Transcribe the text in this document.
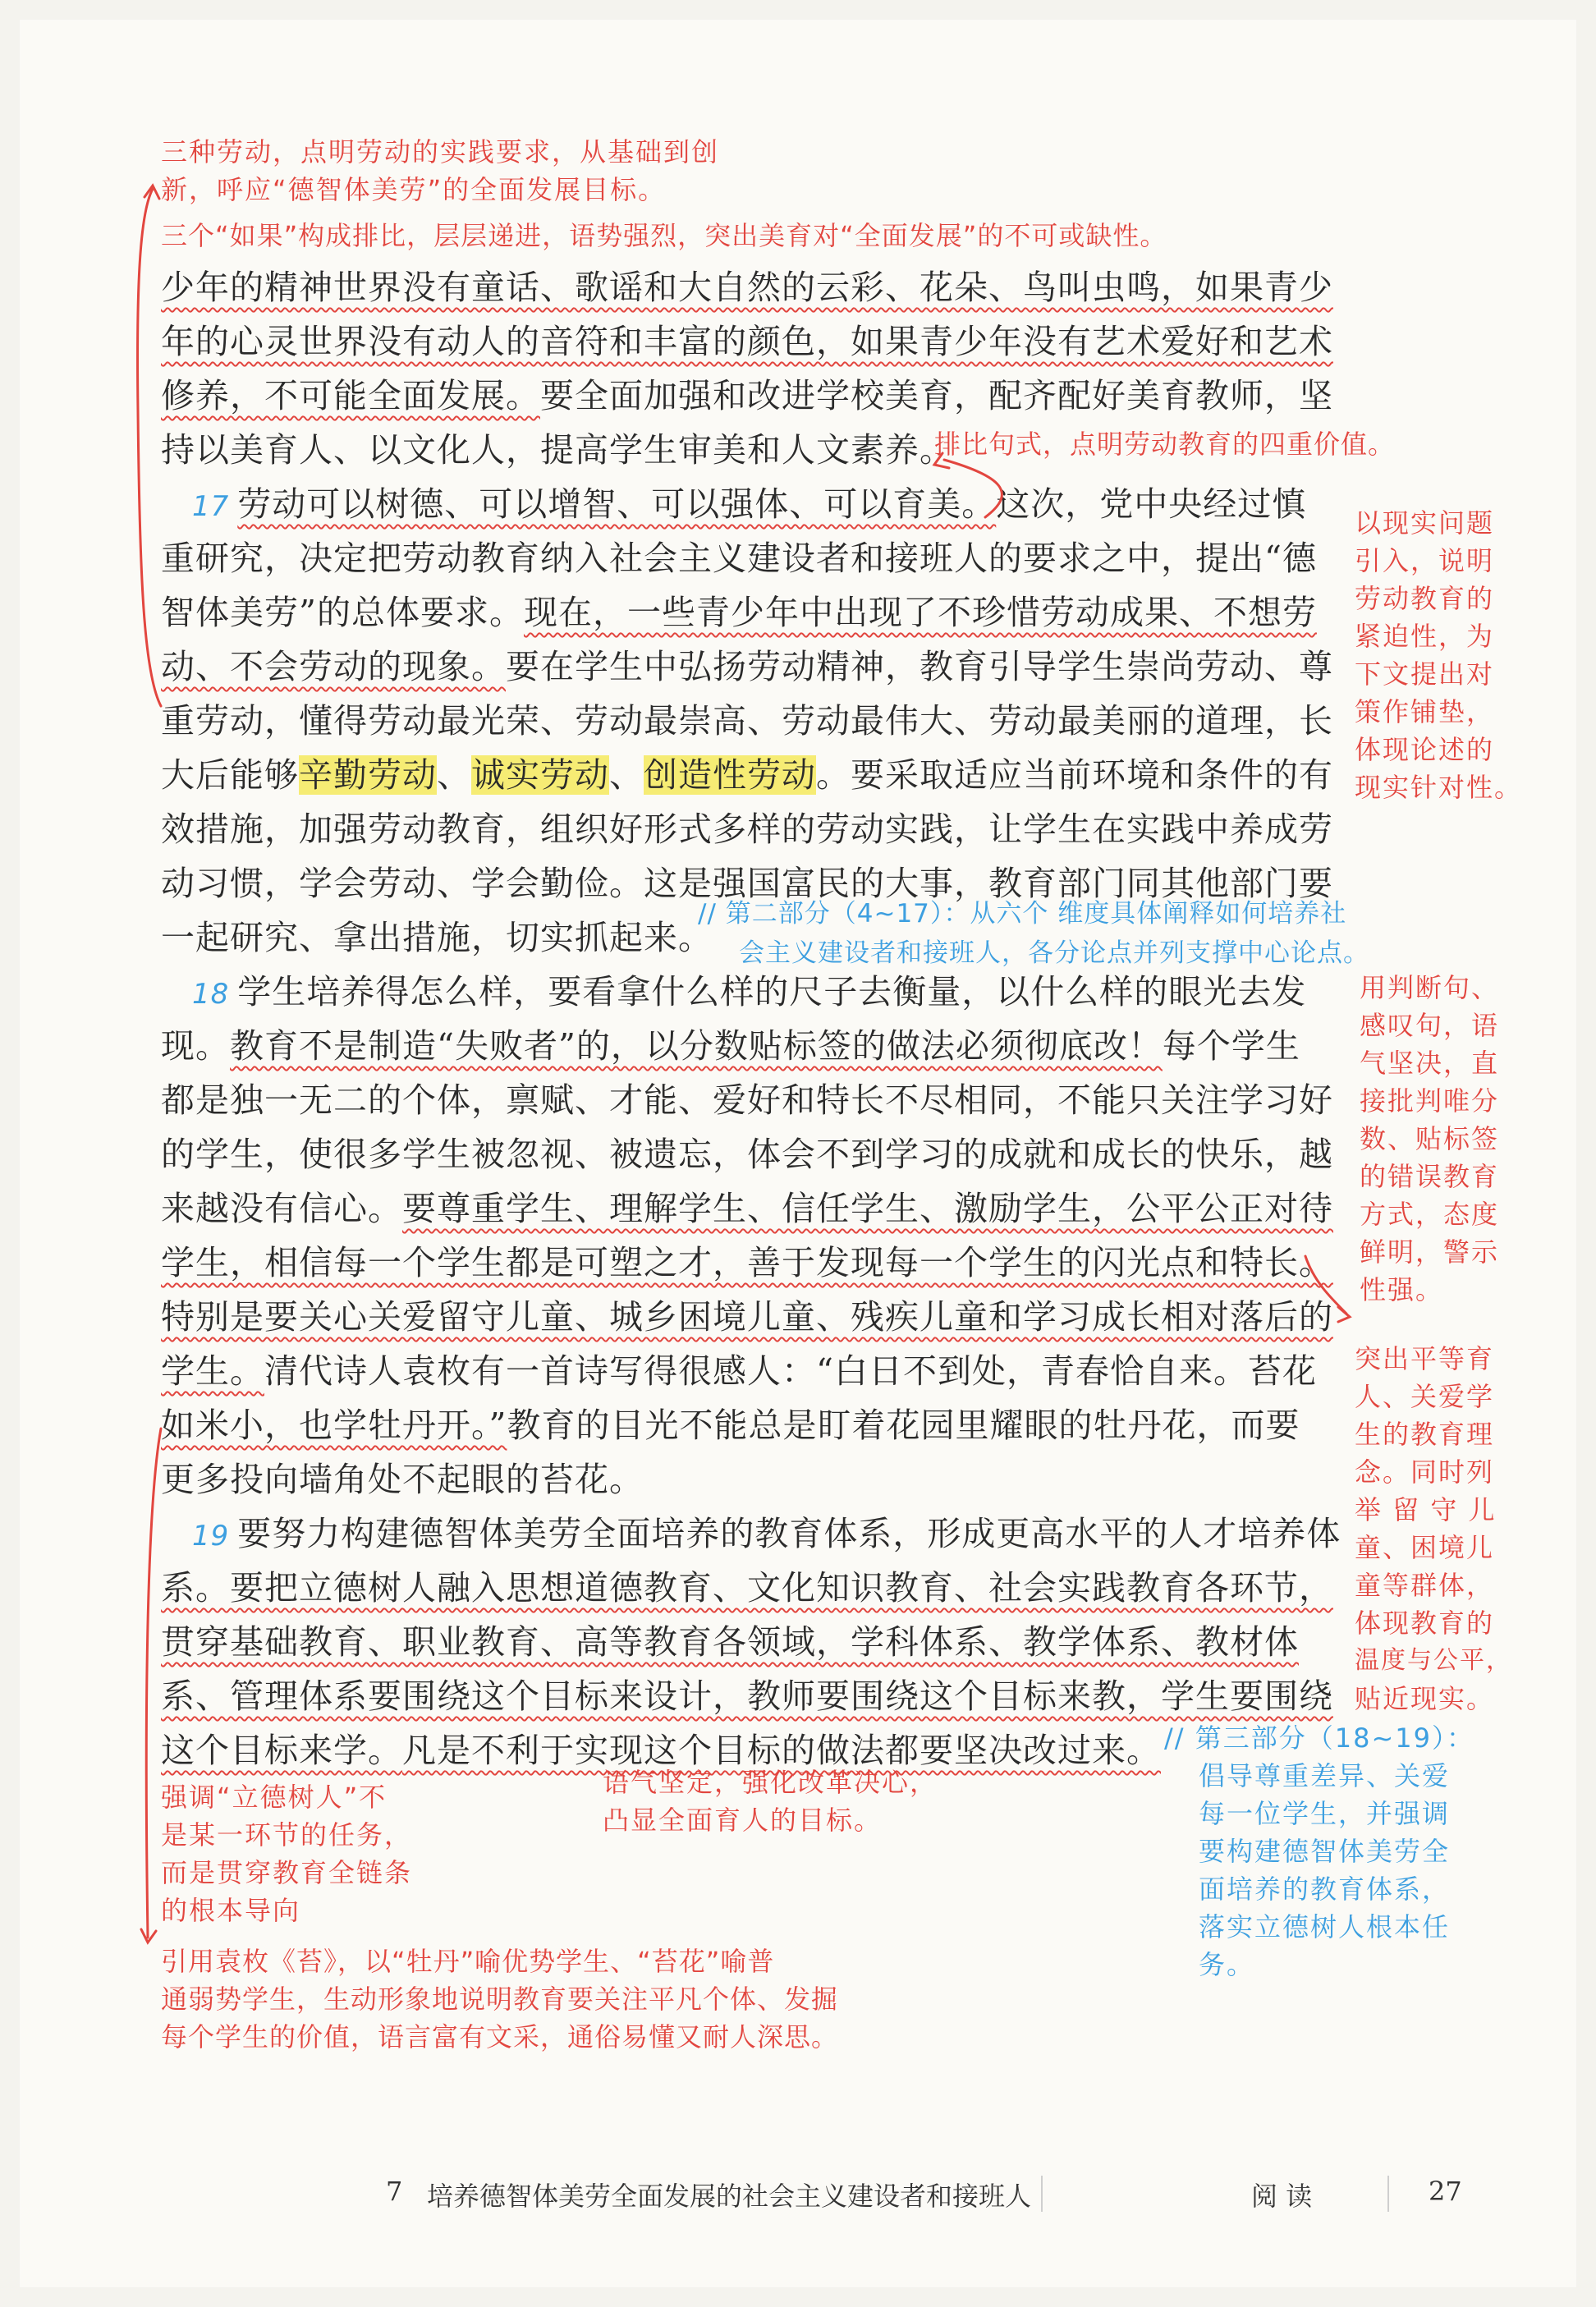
三种劳动，点明劳动的实践要求，从基础到创

新，呼应“德智体美劳”的全面发展目标。

三个“如果”构成排比，层层递进，语势强烈，突出美育对“全面发展”的不可或缺性。

排比句式，点明劳动教育的四重价值。

以现实问题

引入，说明

劳动教育的

紧迫性，为

下文提出对

策作铺垫，

体现论述的

现实针对性。

// 第二部分（4~17）：从六个 维度具体阐释如何培养社

会主义建设者和接班人，各分论点并列支撑中心论点。

用判断句、

感叹句，语

气坚决，直

接批判唯分

数、贴标签

的错误教育

方式，态度

鲜明，警示

性强。

突出平等育

人、关爱学

生的教育理

念。同时列

举 留 守 儿

童、困境儿

童等群体，

体现教育的

温度与公平，

贴近现实。

// 第三部分（18~19）：

倡导尊重差异、关爱

每一位学生，并强调

要构建德智体美劳全

面培养的教育体系，

落实立德树人根本任

务。

强调“立德树人”不

是某一环节的任务，

而是贯穿教育全链条

的根本导向

语气坚定，强化改革决心，

凸显全面育人的目标。

引用袁枚《苔》，以“牡丹”喻优势学生、“苔花”喻普

通弱势学生，生动形象地说明教育要关注平凡个体、发掘

每个学生的价值，语言富有文采，通俗易懂又耐人深思。

少年的精神世界没有童话、歌谣和大自然的云彩、花朵、鸟叫虫鸣，如果青少

年的心灵世界没有动人的音符和丰富的颜色，如果青少年没有艺术爱好和艺术

修养，不可能全面发展。要全面加强和改进学校美育，配齐配好美育教师，坚

持以美育人、以文化人，提高学生审美和人文素养。

17 劳动可以树德、可以增智、可以强体、可以育美。这次，党中央经过慎

重研究，决定把劳动教育纳入社会主义建设者和接班人的要求之中，提出“德

智体美劳”的总体要求。现在，一些青少年中出现了不珍惜劳动成果、不想劳

动、不会劳动的现象。要在学生中弘扬劳动精神，教育引导学生崇尚劳动、尊

重劳动，懂得劳动最光荣、劳动最崇高、劳动最伟大、劳动最美丽的道理，长

大后能够辛勤劳动、诚实劳动、创造性劳动。要采取适应当前环境和条件的有

效措施，加强劳动教育，组织好形式多样的劳动实践，让学生在实践中养成劳

动习惯，学会劳动、学会勤俭。这是强国富民的大事，教育部门同其他部门要

一起研究、拿出措施，切实抓起来。

18 学生培养得怎么样，要看拿什么样的尺子去衡量，以什么样的眼光去发

现。教育不是制造“失败者”的，以分数贴标签的做法必须彻底改！每个学生

都是独一无二的个体，禀赋、才能、爱好和特长不尽相同，不能只关注学习好

的学生，使很多学生被忽视、被遗忘，体会不到学习的成就和成长的快乐，越

来越没有信心。要尊重学生、理解学生、信任学生、激励学生，公平公正对待

学生，相信每一个学生都是可塑之才，善于发现每一个学生的闪光点和特长。

特别是要关心关爱留守儿童、城乡困境儿童、残疾儿童和学习成长相对落后的

学生。清代诗人袁枚有一首诗写得很感人：“白日不到处，青春恰自来。苔花

如米小，也学牡丹开。”教育的目光不能总是盯着花园里耀眼的牡丹花，而要

更多投向墙角处不起眼的苔花。

19 要努力构建德智体美劳全面培养的教育体系，形成更高水平的人才培养体

系。要把立德树人融入思想道德教育、文化知识教育、社会实践教育各环节，

贯穿基础教育、职业教育、高等教育各领域，学科体系、教学体系、教材体

系、管理体系要围绕这个目标来设计，教师要围绕这个目标来教，学生要围绕

这个目标来学。凡是不利于实现这个目标的做法都要坚决改过来。

7 培养德智体美劳全面发展的社会主义建设者和接班人	阅 读	27
